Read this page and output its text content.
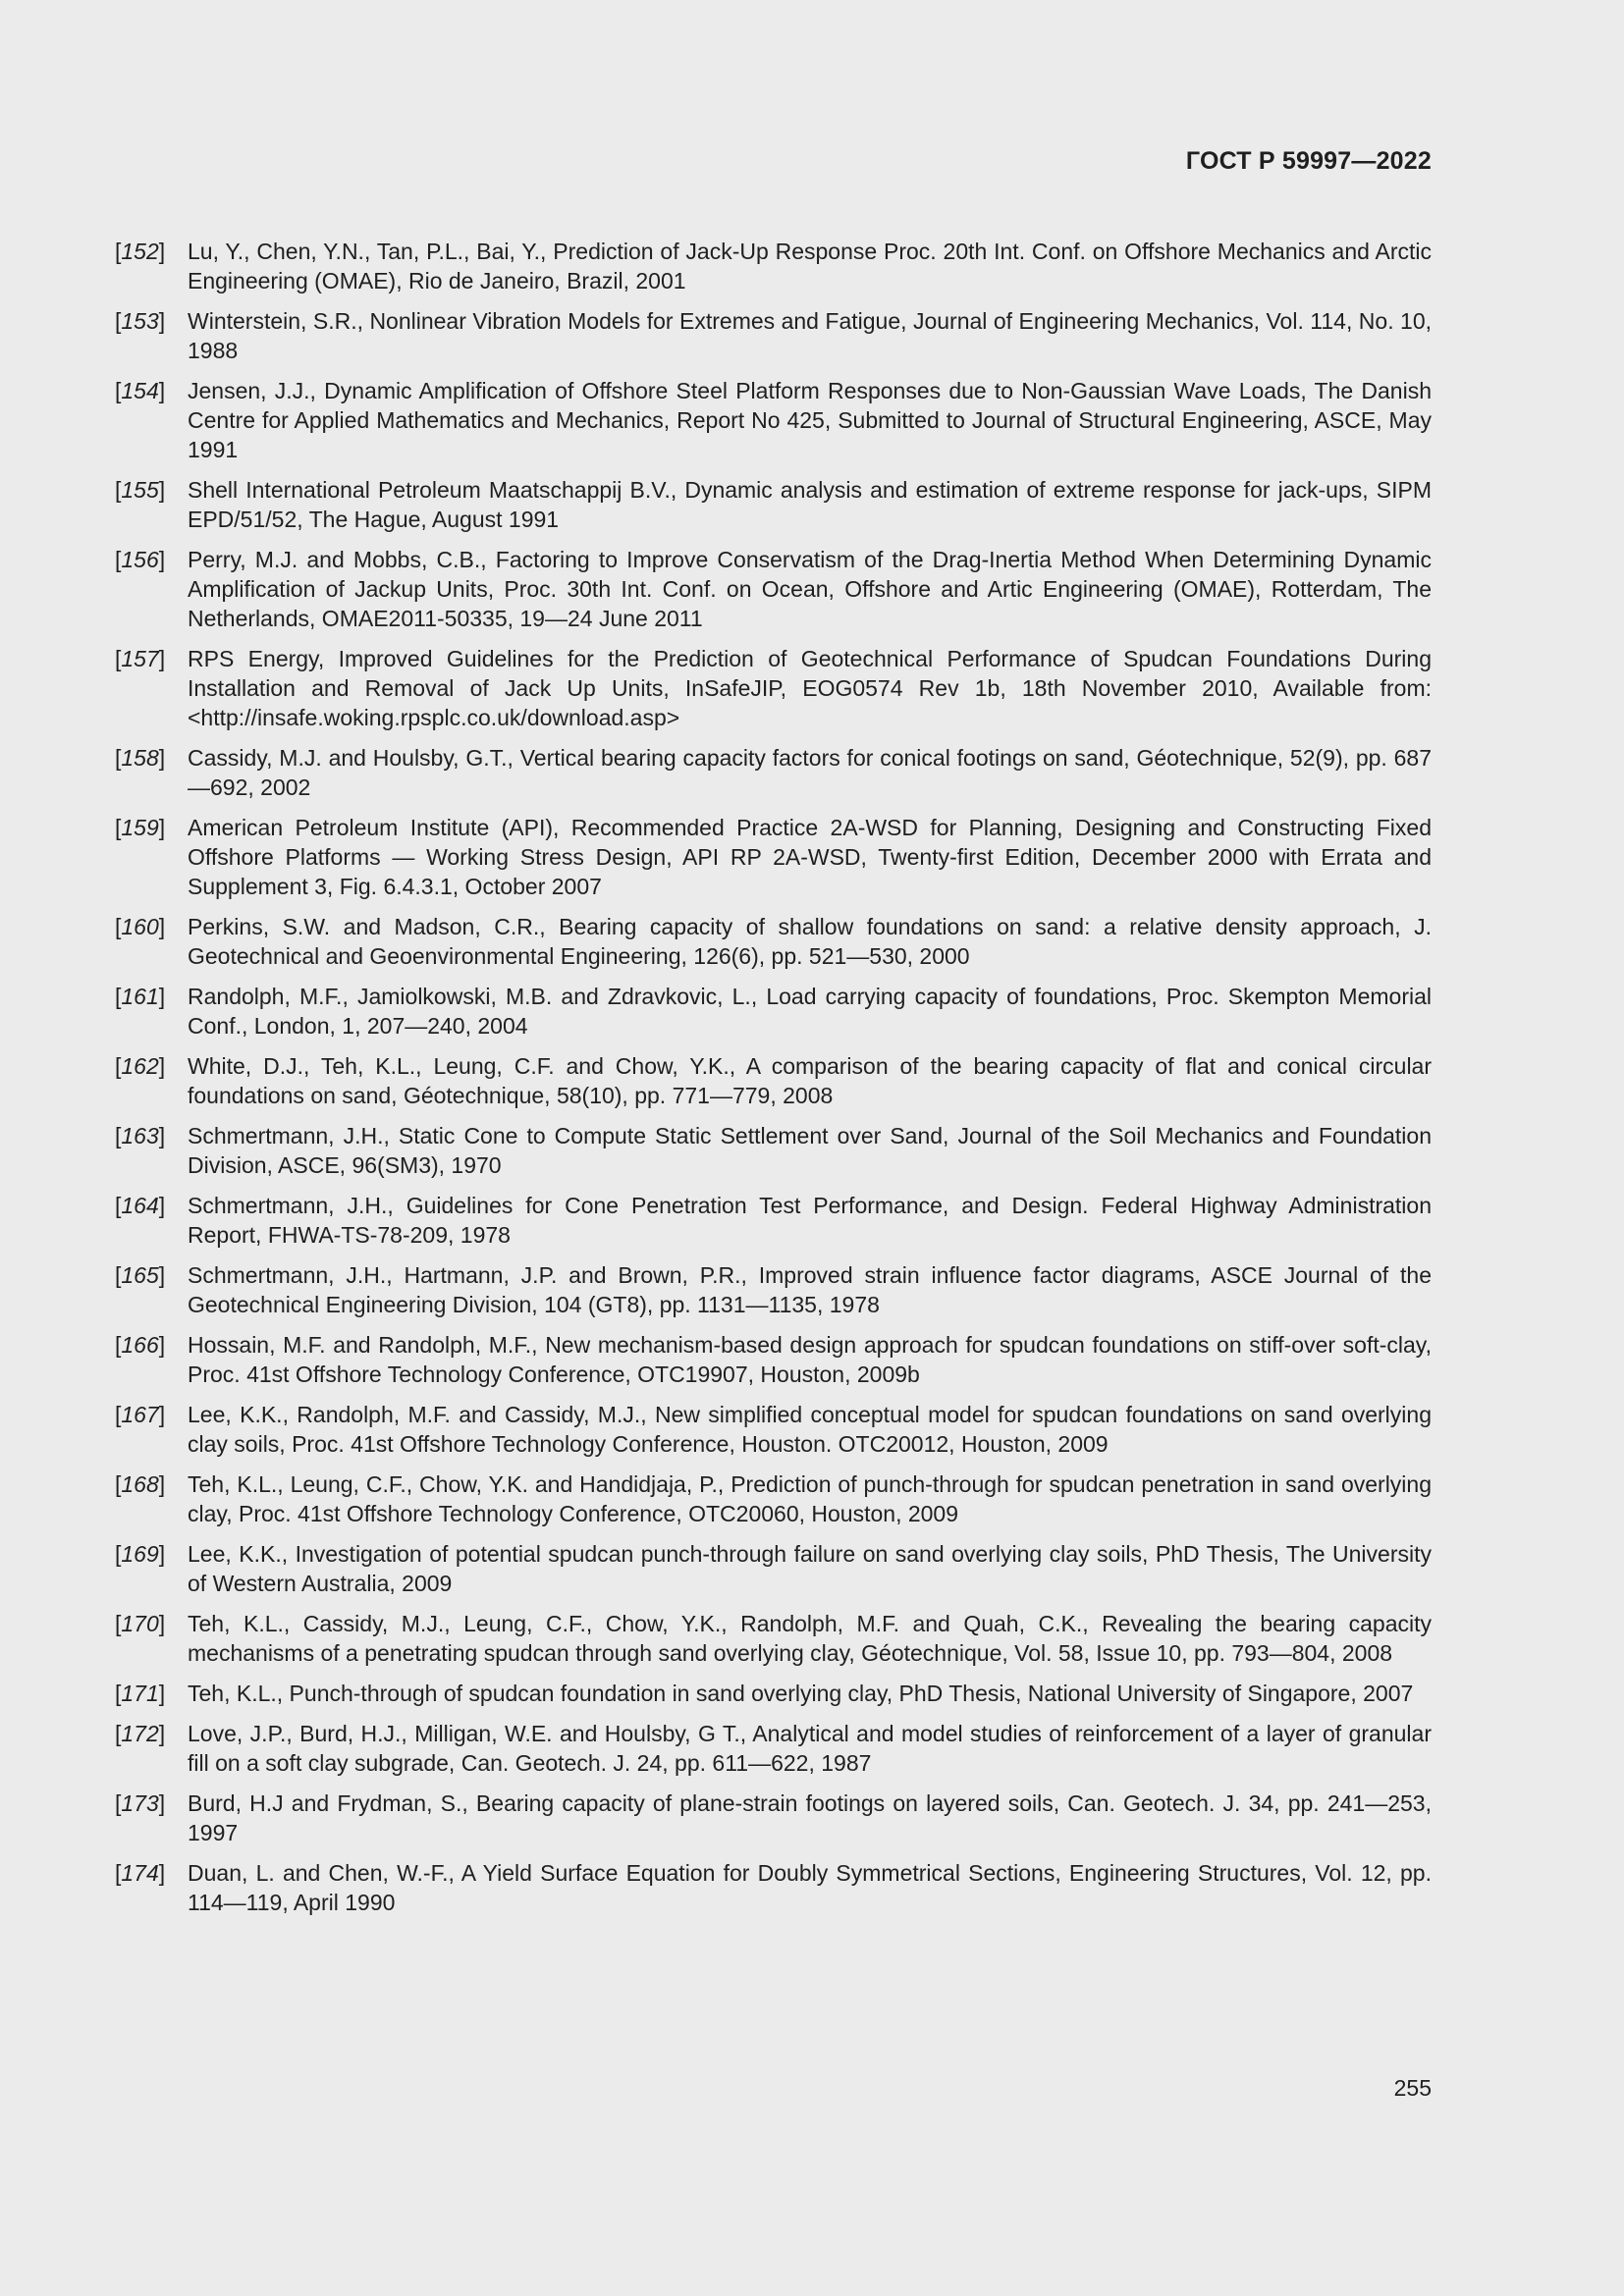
ГОСТ Р 59997—2022
[152] Lu, Y., Chen, Y.N., Tan, P.L., Bai, Y., Prediction of Jack-Up Response Proc. 20th Int. Conf. on Offshore Mechanics and Arctic Engineering (OMAE), Rio de Janeiro, Brazil, 2001
[153] Winterstein, S.R., Nonlinear Vibration Models for Extremes and Fatigue, Journal of Engineering Mechanics, Vol. 114, No. 10, 1988
[154] Jensen, J.J., Dynamic Amplification of Offshore Steel Platform Responses due to Non-Gaussian Wave Loads, The Danish Centre for Applied Mathematics and Mechanics, Report No 425, Submitted to Journal of Structural Engineering, ASCE, May 1991
[155] Shell International Petroleum Maatschappij B.V., Dynamic analysis and estimation of extreme response for jack-ups, SIPM EPD/51/52, The Hague, August 1991
[156] Perry, M.J. and Mobbs, C.B., Factoring to Improve Conservatism of the Drag-Inertia Method When Determining Dynamic Amplification of Jackup Units, Proc. 30th Int. Conf. on Ocean, Offshore and Artic Engineering (OMAE), Rotterdam, The Netherlands, OMAE2011-50335, 19—24 June 2011
[157] RPS Energy, Improved Guidelines for the Prediction of Geotechnical Performance of Spudcan Foundations During Installation and Removal of Jack Up Units, InSafeJIP, EOG0574 Rev 1b, 18th November 2010, Available from: <http://insafe.woking.rpsplc.co.uk/download.asp>
[158] Cassidy, M.J. and Houlsby, G.T., Vertical bearing capacity factors for conical footings on sand, Géotechnique, 52(9), pp. 687—692, 2002
[159] American Petroleum Institute (API), Recommended Practice 2A-WSD for Planning, Designing and Constructing Fixed Offshore Platforms — Working Stress Design, API RP 2A-WSD, Twenty-first Edition, December 2000 with Errata and Supplement 3, Fig. 6.4.3.1, October 2007
[160] Perkins, S.W. and Madson, C.R., Bearing capacity of shallow foundations on sand: a relative density approach, J. Geotechnical and Geoenvironmental Engineering, 126(6), pp. 521—530, 2000
[161] Randolph, M.F., Jamiolkowski, M.B. and Zdravkovic, L., Load carrying capacity of foundations, Proc. Skempton Memorial Conf., London, 1, 207—240, 2004
[162] White, D.J., Teh, K.L., Leung, C.F. and Chow, Y.K., A comparison of the bearing capacity of flat and conical circular foundations on sand, Géotechnique, 58(10), pp. 771—779, 2008
[163] Schmertmann, J.H., Static Cone to Compute Static Settlement over Sand, Journal of the Soil Mechanics and Foundation Division, ASCE, 96(SM3), 1970
[164] Schmertmann, J.H., Guidelines for Cone Penetration Test Performance, and Design. Federal Highway Administration Report, FHWA-TS-78-209, 1978
[165] Schmertmann, J.H., Hartmann, J.P. and Brown, P.R., Improved strain influence factor diagrams, ASCE Journal of the Geotechnical Engineering Division, 104 (GT8), pp. 1131—1135, 1978
[166] Hossain, M.F. and Randolph, M.F., New mechanism-based design approach for spudcan foundations on stiff-over soft-clay, Proc. 41st Offshore Technology Conference, OTC19907, Houston, 2009b
[167] Lee, K.K., Randolph, M.F. and Cassidy, M.J., New simplified conceptual model for spudcan foundations on sand overlying clay soils, Proc. 41st Offshore Technology Conference, Houston. OTC20012, Houston, 2009
[168] Teh, K.L., Leung, C.F., Chow, Y.K. and Handidjaja, P., Prediction of punch-through for spudcan penetration in sand overlying clay, Proc. 41st Offshore Technology Conference, OTC20060, Houston, 2009
[169] Lee, K.K., Investigation of potential spudcan punch-through failure on sand overlying clay soils, PhD Thesis, The University of Western Australia, 2009
[170] Teh, K.L., Cassidy, M.J., Leung, C.F., Chow, Y.K., Randolph, M.F. and Quah, C.K., Revealing the bearing capacity mechanisms of a penetrating spudcan through sand overlying clay, Géotechnique, Vol. 58, Issue 10, pp. 793—804, 2008
[171] Teh, K.L., Punch-through of spudcan foundation in sand overlying clay, PhD Thesis, National University of Singapore, 2007
[172] Love, J.P., Burd, H.J., Milligan, W.E. and Houlsby, G T., Analytical and model studies of reinforcement of a layer of granular fill on a soft clay subgrade, Can. Geotech. J. 24, pp. 611—622, 1987
[173] Burd, H.J and Frydman, S., Bearing capacity of plane-strain footings on layered soils, Can. Geotech. J. 34, pp. 241—253, 1997
[174] Duan, L. and Chen, W.-F., A Yield Surface Equation for Doubly Symmetrical Sections, Engineering Structures, Vol. 12, pp. 114—119, April 1990
255
